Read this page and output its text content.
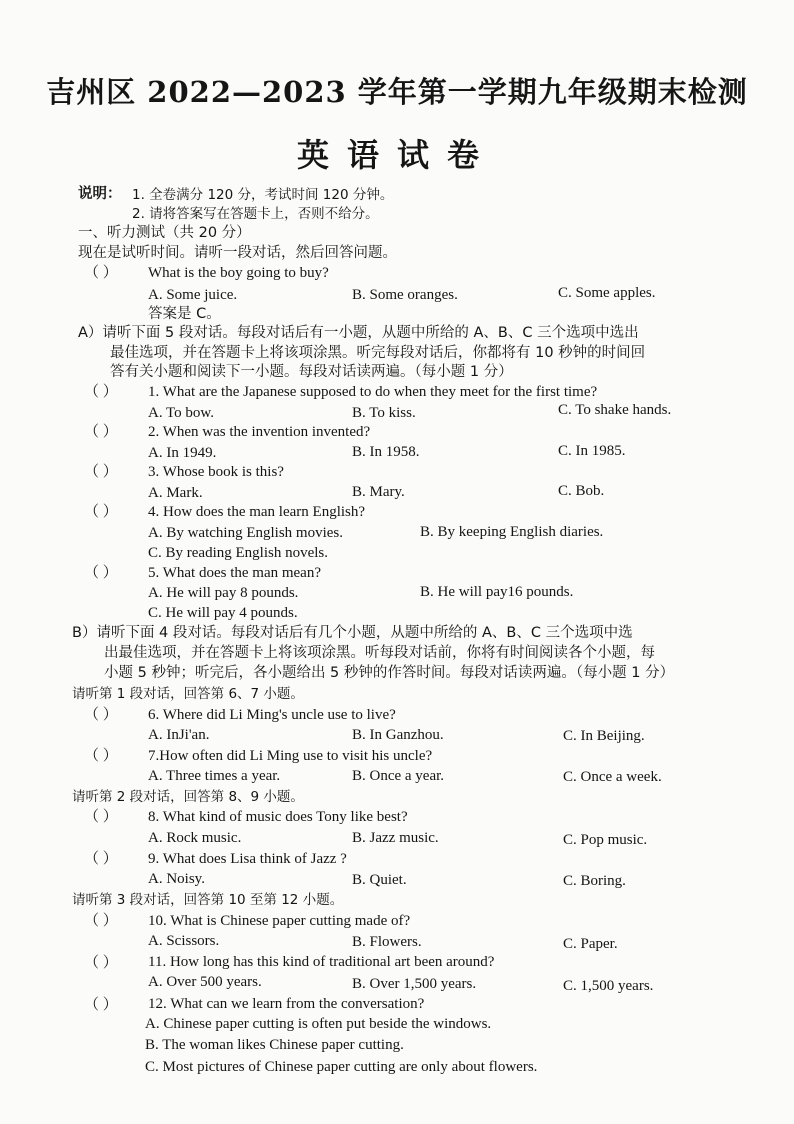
吉州区 2022—2023 学年第一学期九年级期末检测
英语试卷
说明： 1. 全卷满分 120 分，考试时间 120 分钟。
2. 请将答案写在答题卡上，否则不给分。
一、听力测试（共 20 分）
现在是试听时间。请听一段对话，然后回答问题。
（ ） What is the boy going to buy?
A. Some juice.	B. Some oranges.	C. Some apples.
答案是 C。
A）请听下面 5 段对话。每段对话后有一小题，从题中所给的 A、B、C 三个选项中选出
最佳选项，并在答题卡上将该项涂黑。听完每段对话后，你都将有 10 秒钟的时间回
答有关小题和阅读下一小题。每段对话读两遍。（每小题 1 分）
（ ） 1. What are the Japanese supposed to do when they meet for the first time?
A. To bow.	B. To kiss.	C. To shake hands.
（ ） 2. When was the invention invented?
A. In 1949.	B. In 1958.	C. In 1985.
（ ） 3. Whose book is this?
A. Mark.	B. Mary.	C. Bob.
（ ） 4. How does the man learn English?
A. By watching English movies.	B. By keeping English diaries.
C. By reading English novels.
（ ） 5. What does the man mean?
A. He will pay 8 pounds.	B. He will pay16 pounds.
C. He will pay 4 pounds.
B）请听下面 4 段对话。每段对话后有几个小题，从题中所给的 A、B、C 三个选项中选
出最佳选项，并在答题卡上将该项涂黑。听每段对话前，你将有时间阅读各个小题，每
小题 5 秒钟；听完后，各小题给出 5 秒钟的作答时间。每段对话读两遍。（每小题 1 分）
请听第 1 段对话，回答第 6、7 小题。
（ ） 6. Where did Li Ming's uncle use to live?
A. InJi'an.	B. In Ganzhou.	C. In Beijing.
（ ） 7.How often did Li Ming use to visit his uncle?
A. Three times a year.	B. Once a year.	C. Once a week.
请听第 2 段对话，回答第 8、9 小题。
（ ） 8. What kind of music does Tony like best?
A. Rock music.	B. Jazz music.	C. Pop music.
（ ） 9. What does Lisa think of Jazz ?
A. Noisy.	B. Quiet.	C. Boring.
请听第 3 段对话，回答第 10 至第 12 小题。
（ ） 10. What is Chinese paper cutting made of?
A. Scissors.	B. Flowers.	C. Paper.
（ ） 11. How long has this kind of traditional art been around?
A. Over 500 years.	B. Over 1,500 years.	C. 1,500 years.
（ ） 12. What can we learn from the conversation?
A. Chinese paper cutting is often put beside the windows.
B. The woman likes Chinese paper cutting.
C. Most pictures of Chinese paper cutting are only about flowers.
